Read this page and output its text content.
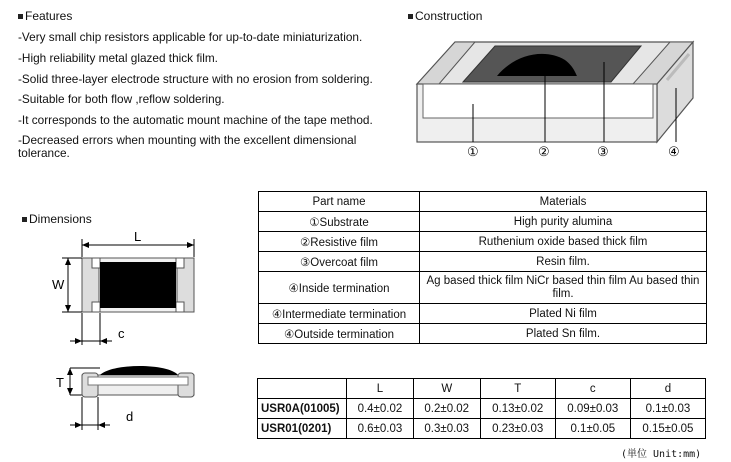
Features
-Very small chip resistors applicable for up-to-date miniaturization.
-High reliability metal glazed thick film.
-Solid three-layer electrode structure with no erosion from soldering.
-Suitable for both flow ,reflow soldering.
-It corresponds to the automatic mount machine of the tape method.
-Decreased errors when mounting with the excellent dimensional tolerance.
Construction
①	②	③	④
Dimensions
L
W
c
T
d
Part name	Materials
①Substrate	High purity alumina
②Resistive film	Ruthenium oxide based thick film
③Overcoat film	Resin film.
④Inside termination	Ag based thick film NiCr based thin film Au based thin film.
④Intermediate termination	Plated Ni film
④Outside termination	Plated Sn film.
	L	W	T	c	d
USR0A(01005)	0.4±0.02	0.2±0.02	0.13±0.02	0.09±0.03	0.1±0.03
USR01(0201)	0.6±0.03	0.3±0.03	0.23±0.03	0.1±0.05	0.15±0.05
(単位 Unit:mm)
